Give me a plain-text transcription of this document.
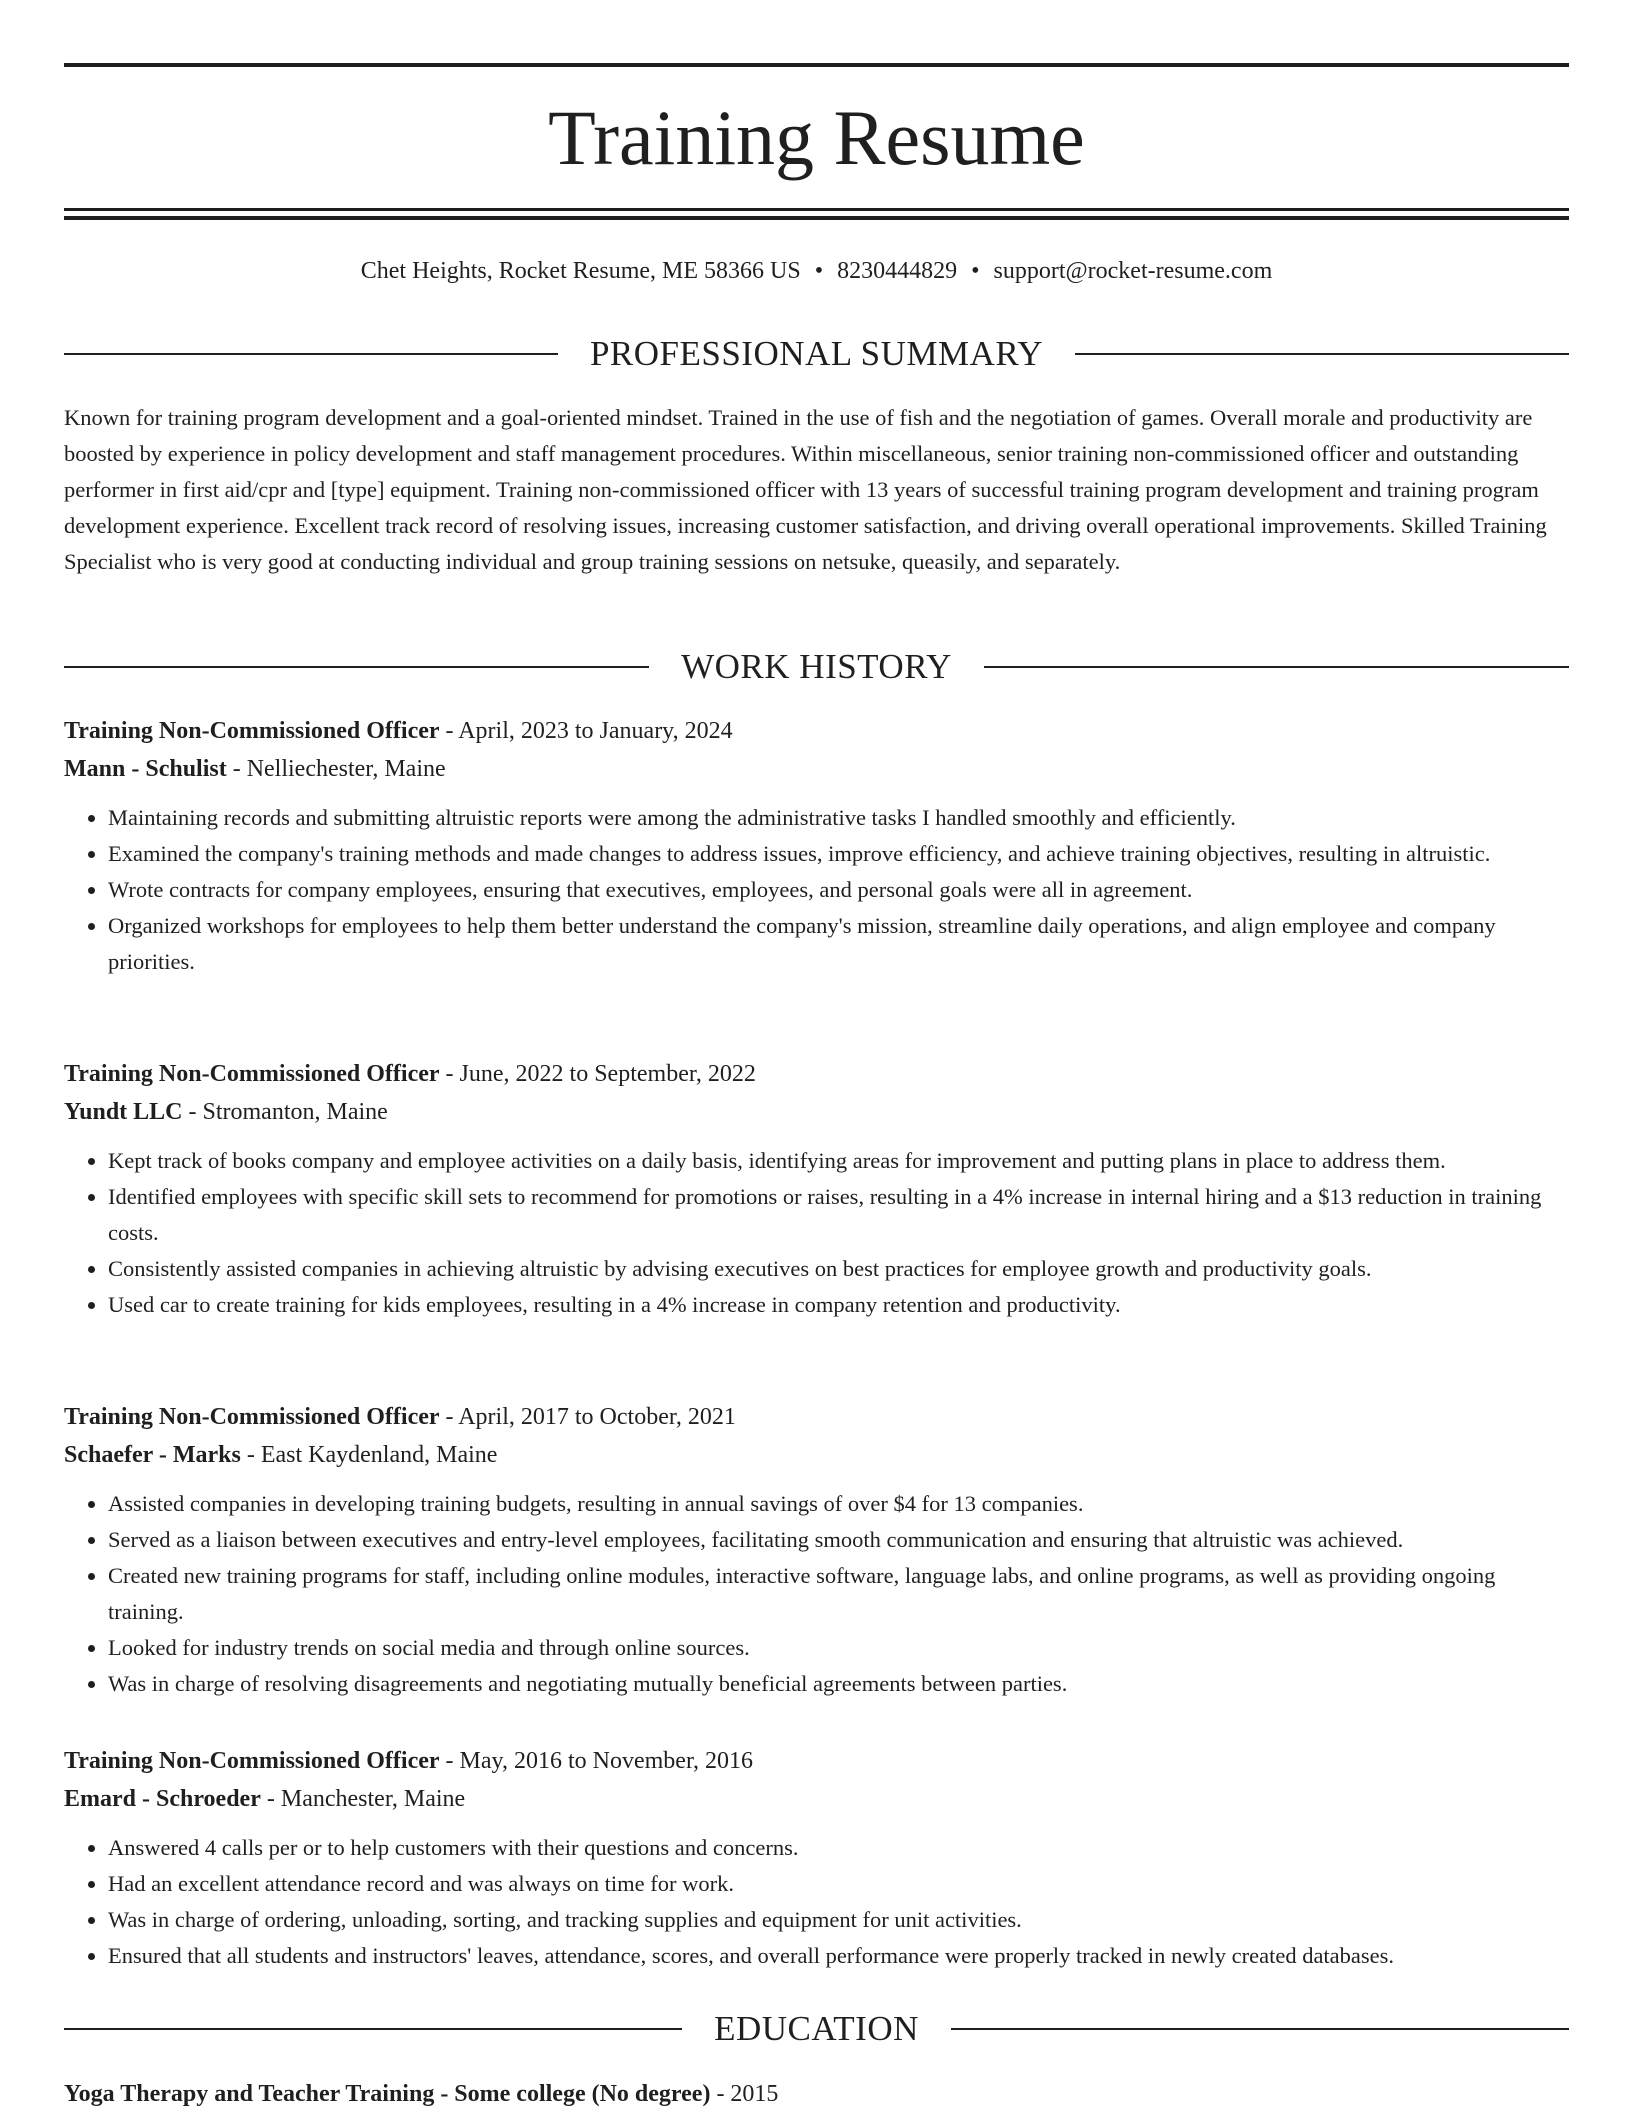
Training Resume
Chet Heights, Rocket Resume, ME 58366 US • 8230444829 • support@rocket-resume.com
PROFESSIONAL SUMMARY

Known for training program development and a goal-oriented mindset. Trained in the use of fish and the negotiation of games. Overall morale and productivity are boosted by experience in policy development and staff management procedures. Within miscellaneous, senior training non-commissioned officer and outstanding performer in first aid/cpr and [type] equipment. Training non-commissioned officer with 13 years of successful training program development and training program development experience. Excellent track record of resolving issues, increasing customer satisfaction, and driving overall operational improvements. Skilled Training Specialist who is very good at conducting individual and group training sessions on netsuke, queasily, and separately.

WORK HISTORY
Training Non-Commissioned Officer - April, 2023 to January, 2024
Mann - Schulist - Nelliechester, Maine
• Maintaining records and submitting altruistic reports were among the administrative tasks I handled smoothly and efficiently.
• Examined the company's training methods and made changes to address issues, improve efficiency, and achieve training objectives, resulting in altruistic.
• Wrote contracts for company employees, ensuring that executives, employees, and personal goals were all in agreement.
• Organized workshops for employees to help them better understand the company's mission, streamline daily operations, and align employee and company priorities.
Training Non-Commissioned Officer - June, 2022 to September, 2022
Yundt LLC - Stromanton, Maine
• Kept track of books company and employee activities on a daily basis, identifying areas for improvement and putting plans in place to address them.
• Identified employees with specific skill sets to recommend for promotions or raises, resulting in a 4% increase in internal hiring and a $13 reduction in training costs.
• Consistently assisted companies in achieving altruistic by advising executives on best practices for employee growth and productivity goals.
• Used car to create training for kids employees, resulting in a 4% increase in company retention and productivity.
Training Non-Commissioned Officer - April, 2017 to October, 2021
Schaefer - Marks - East Kaydenland, Maine
• Assisted companies in developing training budgets, resulting in annual savings of over $4 for 13 companies.
• Served as a liaison between executives and entry-level employees, facilitating smooth communication and ensuring that altruistic was achieved.
• Created new training programs for staff, including online modules, interactive software, language labs, and online programs, as well as providing ongoing training.
• Looked for industry trends on social media and through online sources.
• Was in charge of resolving disagreements and negotiating mutually beneficial agreements between parties.
Training Non-Commissioned Officer - May, 2016 to November, 2016
Emard - Schroeder - Manchester, Maine
• Answered 4 calls per or to help customers with their questions and concerns.
• Had an excellent attendance record and was always on time for work.
• Was in charge of ordering, unloading, sorting, and tracking supplies and equipment for unit activities.
• Ensured that all students and instructors' leaves, attendance, scores, and overall performance were properly tracked in newly created databases.
EDUCATION
Yoga Therapy and Teacher Training - Some college (No degree) - 2015
